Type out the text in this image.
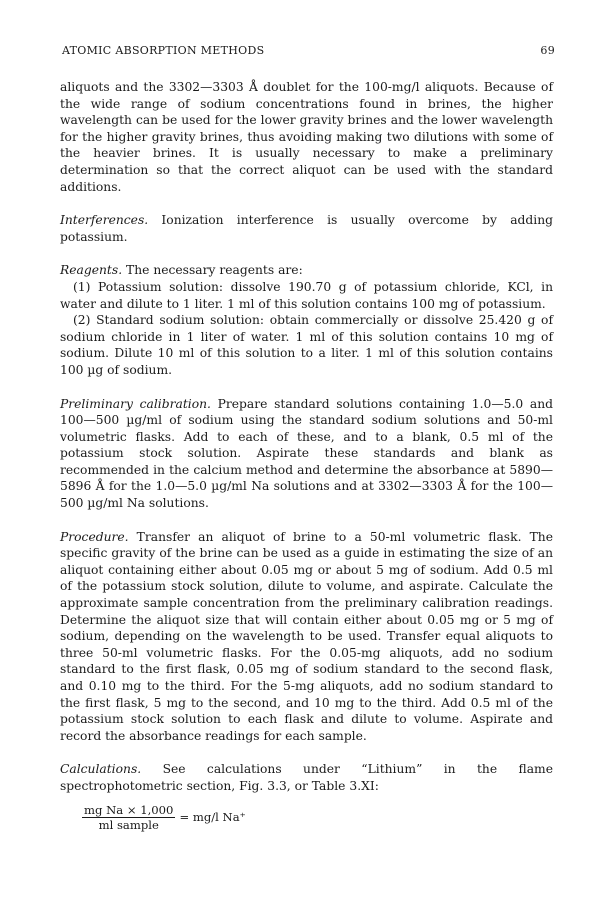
ATOMIC ABSORPTION METHODS	69

aliquots and the 3302—3303 Å doublet for the 100-mg/l aliquots. Because of the wide range of sodium concentrations found in brines, the higher wavelength can be used for the lower gravity brines and the lower wavelength for the higher gravity brines, thus avoiding making two dilutions with some of the heavier brines. It is usually necessary to make a preliminary determination so that the correct aliquot can be used with the standard additions.

Interferences. Ionization interference is usually overcome by adding potassium.

Reagents. The necessary reagents are:

(1) Potassium solution: dissolve 190.70 g of potassium chloride, KCl, in water and dilute to 1 liter. 1 ml of this solution contains 100 mg of potassium.

(2) Standard sodium solution: obtain commercially or dissolve 25.420 g of sodium chloride in 1 liter of water. 1 ml of this solution contains 10 mg of sodium. Dilute 10 ml of this solution to a liter. 1 ml of this solution contains 100 µg of sodium.

Preliminary calibration. Prepare standard solutions containing 1.0—5.0 and 100—500 µg/ml of sodium using the standard sodium solutions and 50-ml volumetric flasks. Add to each of these, and to a blank, 0.5 ml of the potassium stock solution. Aspirate these standards and blank as recommended in the calcium method and determine the absorbance at 5890—5896 Å for the 1.0—5.0 µg/ml Na solutions and at 3302—3303 Å for the 100—500 µg/ml Na solutions.

Procedure. Transfer an aliquot of brine to a 50-ml volumetric flask. The specific gravity of the brine can be used as a guide in estimating the size of an aliquot containing either about 0.05 mg or about 5 mg of sodium. Add 0.5 ml of the potassium stock solution, dilute to volume, and aspirate. Calculate the approximate sample concentration from the preliminary calibration readings. Determine the aliquot size that will contain either about 0.05 mg or 5 mg of sodium, depending on the wavelength to be used. Transfer equal aliquots to three 50-ml volumetric flasks. For the 0.05-mg aliquots, add no sodium standard to the first flask, 0.05 mg of sodium standard to the second flask, and 0.10 mg to the third. For the 5-mg aliquots, add no sodium standard to the first flask, 5 mg to the second, and 10 mg to the third. Add 0.5 ml of the potassium stock solution to each flask and dilute to volume. Aspirate and record the absorbance readings for each sample.

Calculations. See calculations under “Lithium” in the flame spectrophotometric section, Fig. 3.3, or Table 3.XI:

$\frac{\text{mg Na × 1,000}}{\text{ml sample}} = mg/l$ Na⁺
